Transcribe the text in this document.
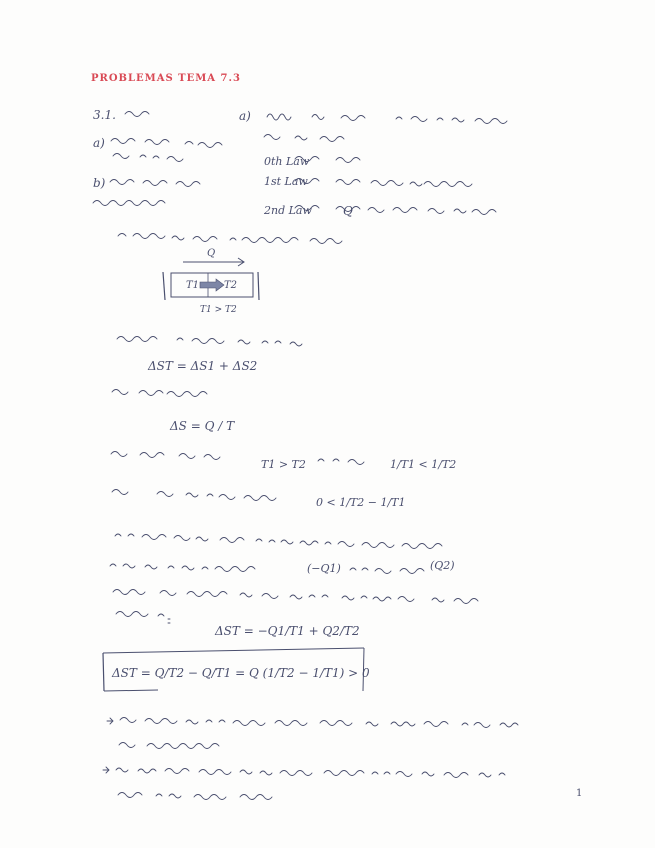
PROBLEMAS TEMA 7.3
3.1.
a)
b)
a)
0th Law
1st Law
2nd Law	Q
Q
T1 T2
T1 > T2
ΔST = ΔS1 + ΔS2
ΔS = Q / T
T1 > T2	1/T1 < 1/T2
0 < 1/T2 − 1/T1
(−Q1)	(Q2)
ΔST = −Q1/T1 + Q2/T2
ΔST = Q/T2 − Q/T1 = Q (1/T2 − 1/T1) > 0
1
